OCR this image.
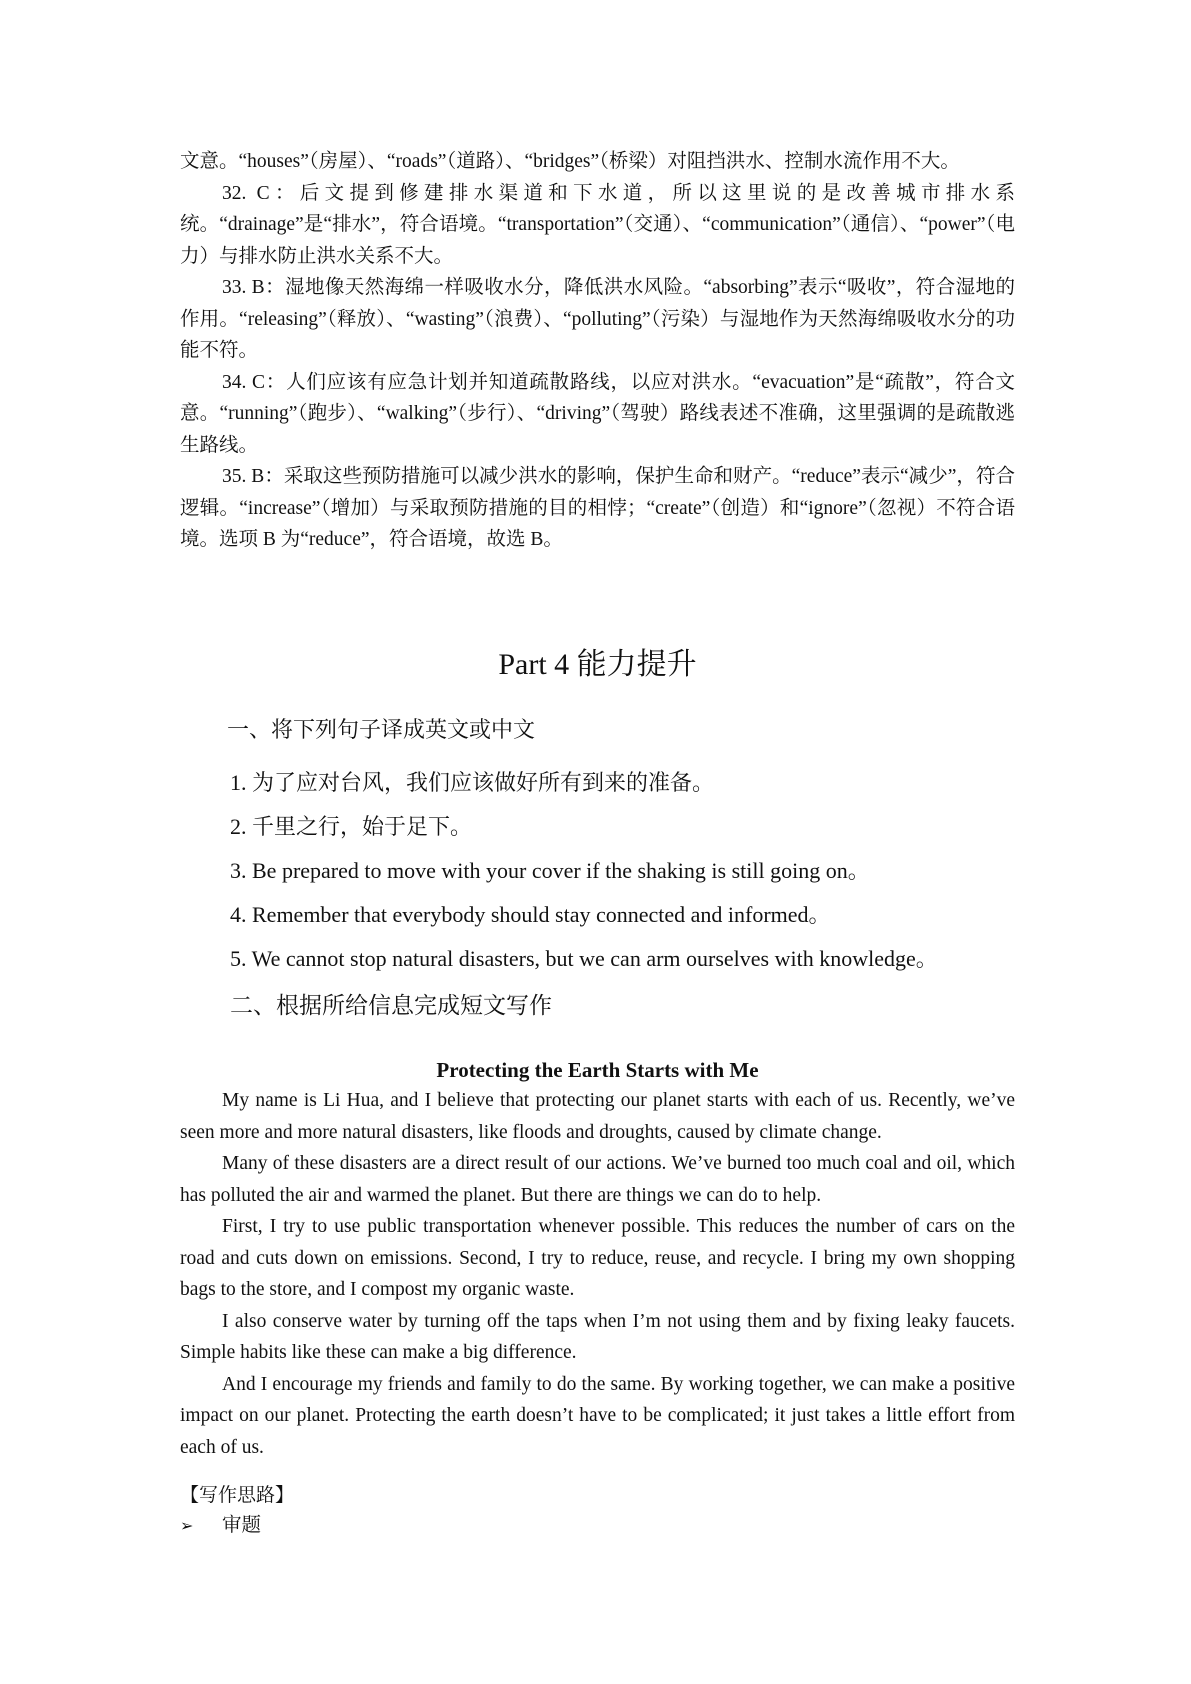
文意。“houses”（房屋）、“roads”（道路）、“bridges”（桥梁）对阻挡洪水、控制水流作用不大。

32. C：后文提到修建排水渠道和下水道，所以这里说的是改善城市排水系统。“drainage”是“排水”，符合语境。“transportation”（交通）、“communication”（通信）、“power”（电力）与排水防止洪水关系不大。

33. B：湿地像天然海绵一样吸收水分，降低洪水风险。“absorbing”表示“吸收”，符合湿地的作用。“releasing”（释放）、“wasting”（浪费）、“polluting”（污染）与湿地作为天然海绵吸收水分的功能不符。

34. C：人们应该有应急计划并知道疏散路线，以应对洪水。“evacuation”是“疏散”，符合文意。“running”（跑步）、“walking”（步行）、“driving”（驾驶）路线表述不准确，这里强调的是疏散逃生路线。

35. B：采取这些预防措施可以减少洪水的影响，保护生命和财产。“reduce”表示“减少”，符合逻辑。“increase”（增加）与采取预防措施的目的相悖；“create”（创造）和“ignore”（忽视）不符合语境。选项 B 为“reduce”，符合语境，故选 B。

Part 4 能力提升
一、将下列句子译成英文或中文
1. 为了应对台风，我们应该做好所有到来的准备。
2. 千里之行，始于足下。
3. Be prepared to move with your cover if the shaking is still going on。
4. Remember that everybody should stay connected and informed。
5. We cannot stop natural disasters, but we can arm ourselves with knowledge。
二、根据所给信息完成短文写作
Protecting the Earth Starts with Me

My name is Li Hua, and I believe that protecting our planet starts with each of us. Recently, we’ve seen more and more natural disasters, like floods and droughts, caused by climate change.

Many of these disasters are a direct result of our actions. We’ve burned too much coal and oil, which has polluted the air and warmed the planet. But there are things we can do to help.

First, I try to use public transportation whenever possible. This reduces the number of cars on the road and cuts down on emissions. Second, I try to reduce, reuse, and recycle. I bring my own shopping bags to the store, and I compost my organic waste.

I also conserve water by turning off the taps when I’m not using them and by fixing leaky faucets. Simple habits like these can make a big difference.

And I encourage my friends and family to do the same. By working together, we can make a positive impact on our planet. Protecting the earth doesn’t have to be complicated; it just takes a little effort from each of us.

【写作思路】
➢	审题
